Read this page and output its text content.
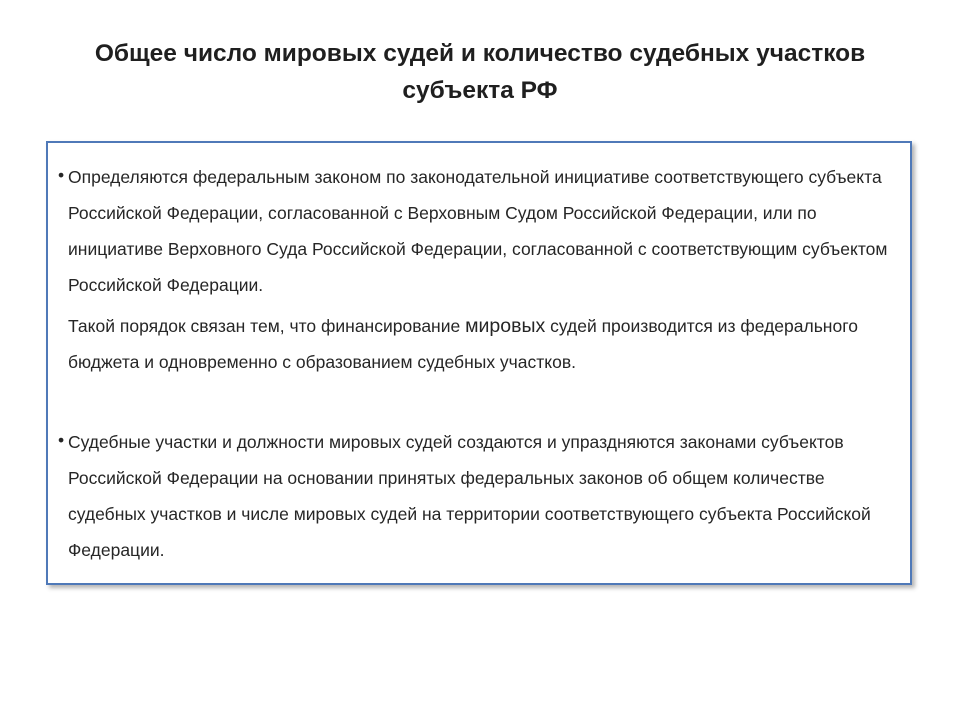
Общее число мировых судей и количество судебных участков
субъекта РФ
• Определяются федеральным законом по законодательной инициативе соответствующего субъекта Российской Федерации, согласованной с Верховным Судом Российской Федерации, или по инициативе Верховного Суда Российской Федерации, согласованной с соответствующим субъектом Российской Федерации.
Такой порядок связан тем, что финансирование мировых судей производится из федерального бюджета и одновременно с образованием судебных участков.
• Судебные участки и должности мировых судей создаются и упраздняются законами субъектов Российской Федерации на основании принятых федеральных законов об общем количестве судебных участков и числе мировых судей на территории соответствующего субъекта Российской Федерации.
